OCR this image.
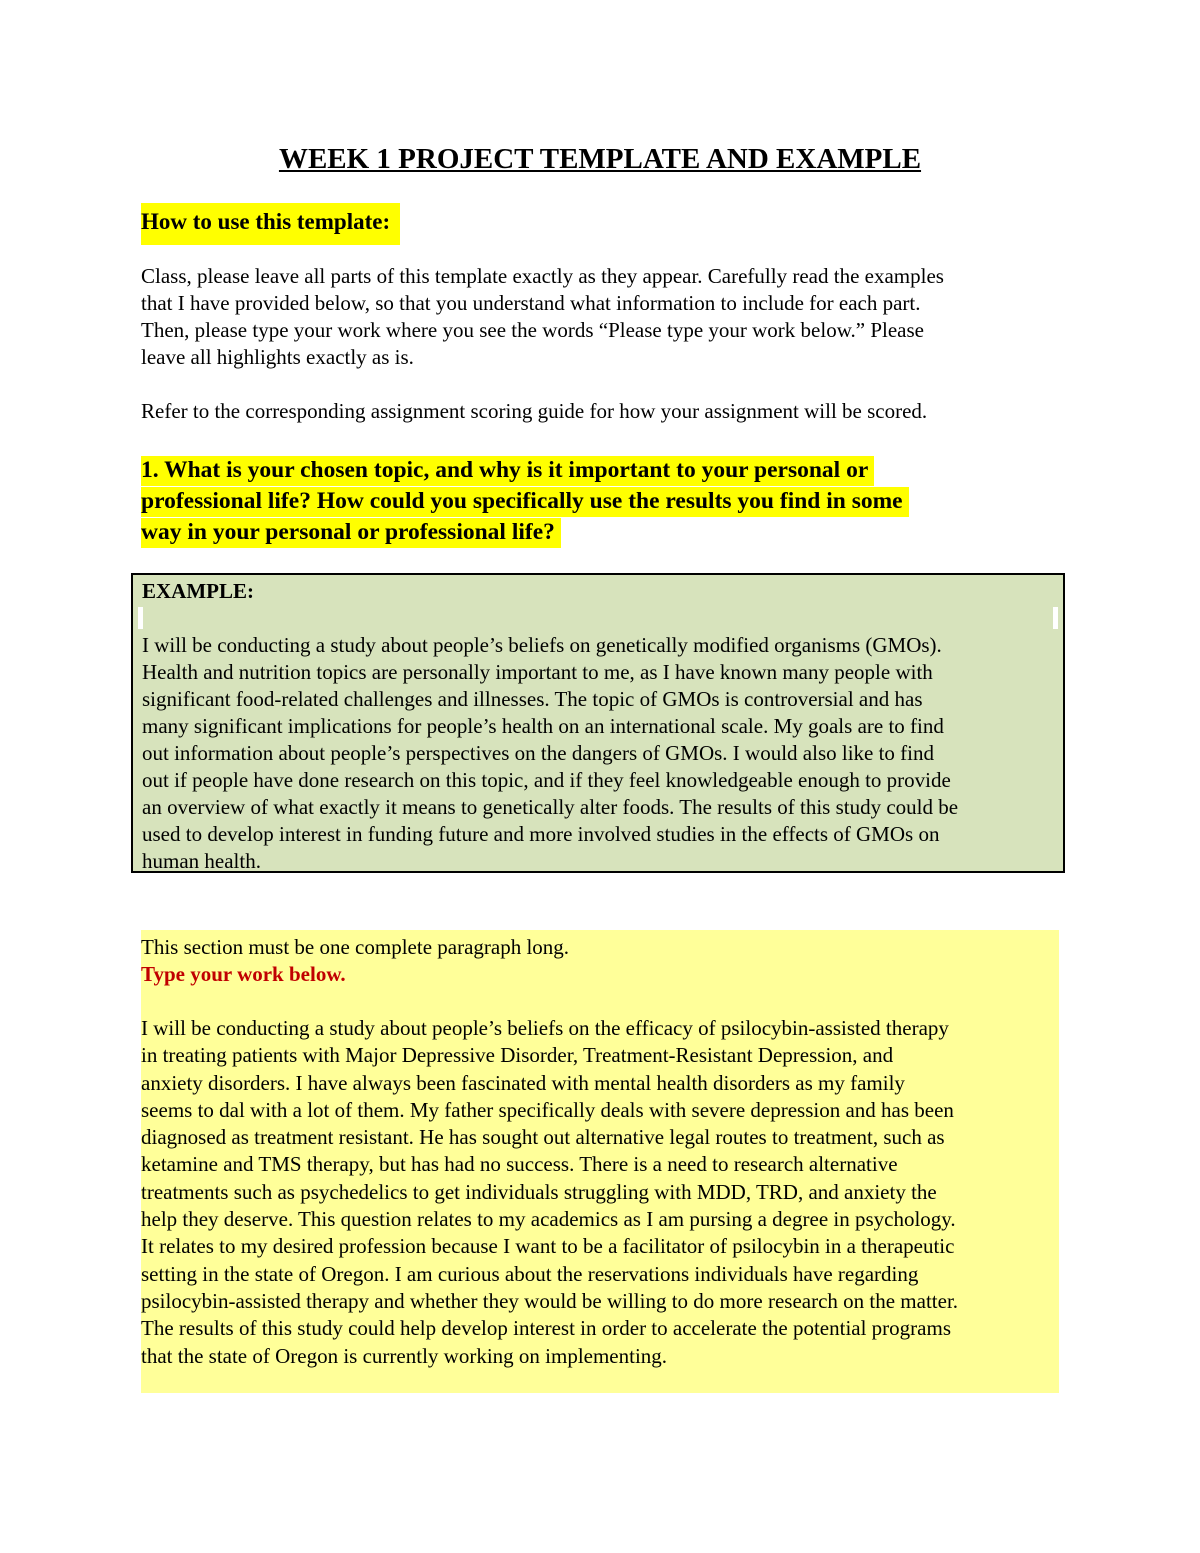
WEEK 1 PROJECT TEMPLATE AND EXAMPLE
How to use this template:

Class, please leave all parts of this template exactly as they appear. Carefully read the examples
that I have provided below, so that you understand what information to include for each part.
Then, please type your work where you see the words “Please type your work below.” Please
leave all highlights exactly as is.

Refer to the corresponding assignment scoring guide for how your assignment will be scored.
1. What is your chosen topic, and why is it important to your personal or
professional life? How could you specifically use the results you find in some
way in your personal or professional life?
EXAMPLE:

I will be conducting a study about people’s beliefs on genetically modified organisms (GMOs).
Health and nutrition topics are personally important to me, as I have known many people with
significant food-related challenges and illnesses. The topic of GMOs is controversial and has
many significant implications for people’s health on an international scale. My goals are to find
out information about people’s perspectives on the dangers of GMOs. I would also like to find
out if people have done research on this topic, and if they feel knowledgeable enough to provide
an overview of what exactly it means to genetically alter foods. The results of this study could be
used to develop interest in funding future and more involved studies in the effects of GMOs on
human health.

This section must be one complete paragraph long.
Type your work below.

I will be conducting a study about people’s beliefs on the efficacy of psilocybin-assisted therapy
in treating patients with Major Depressive Disorder, Treatment-Resistant Depression, and
anxiety disorders. I have always been fascinated with mental health disorders as my family
seems to dal with a lot of them. My father specifically deals with severe depression and has been
diagnosed as treatment resistant. He has sought out alternative legal routes to treatment, such as
ketamine and TMS therapy, but has had no success. There is a need to research alternative
treatments such as psychedelics to get individuals struggling with MDD, TRD, and anxiety the
help they deserve. This question relates to my academics as I am pursing a degree in psychology.
It relates to my desired profession because I want to be a facilitator of psilocybin in a therapeutic
setting in the state of Oregon. I am curious about the reservations individuals have regarding
psilocybin-assisted therapy and whether they would be willing to do more research on the matter.
The results of this study could help develop interest in order to accelerate the potential programs
that the state of Oregon is currently working on implementing.
